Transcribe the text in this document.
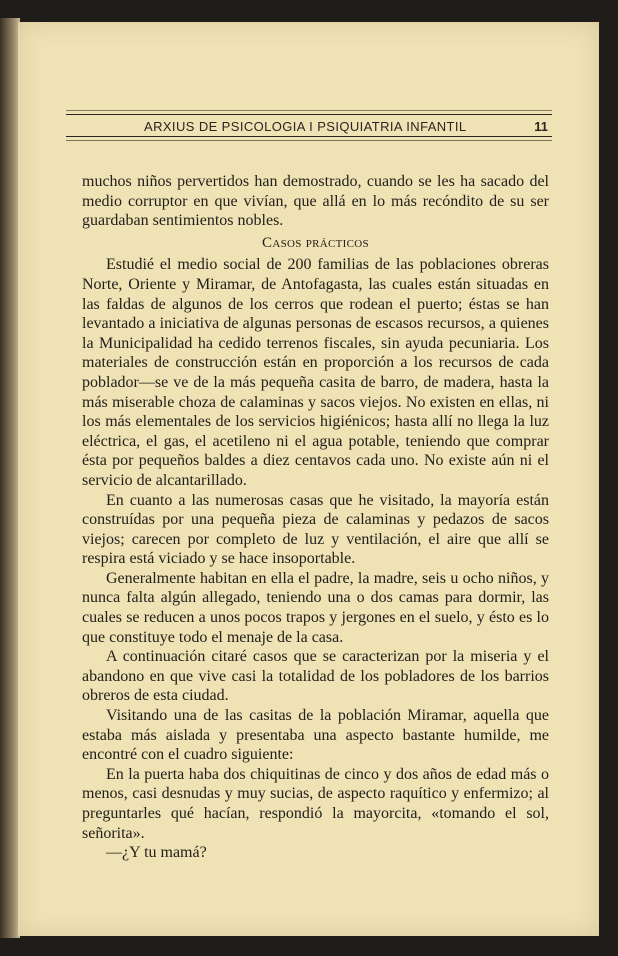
ARXIUS DE PSICOLOGIA I PSIQUIATRIA INFANTIL	11

muchos niños pervertidos han demostrado, cuando se les ha sacado del medio corruptor en que vivían, que allá en lo más recóndito de su ser guardaban sentimientos nobles.

Casos prácticos

Estudié el medio social de 200 familias de las poblaciones obreras Norte, Oriente y Miramar, de Antofagasta, las cuales están situadas en las faldas de algunos de los cerros que rodean el puerto; éstas se han levantado a iniciativa de algunas personas de escasos recursos, a quienes la Municipalidad ha cedido terrenos fiscales, sin ayuda pecuniaria. Los materiales de construcción están en proporción a los recursos de cada poblador—se ve de la más pequeña casita de barro, de madera, hasta la más miserable choza de calaminas y sacos viejos. No existen en ellas, ni los más elementales de los servicios higiénicos; hasta allí no llega la luz eléctrica, el gas, el acetileno ni el agua potable, teniendo que comprar ésta por pequeños baldes a diez centavos cada uno. No existe aún ni el servicio de alcantarillado.

En cuanto a las numerosas casas que he visitado, la mayoría están construídas por una pequeña pieza de calaminas y pedazos de sacos viejos; carecen por completo de luz y ventilación, el aire que allí se respira está viciado y se hace insoportable.

Generalmente habitan en ella el padre, la madre, seis u ocho niños, y nunca falta algún allegado, teniendo una o dos camas para dormir, las cuales se reducen a unos pocos trapos y jergones en el suelo, y ésto es lo que constituye todo el menaje de la casa.

A continuación citaré casos que se caracterizan por la miseria y el abandono en que vive casi la totalidad de los pobladores de los barrios obreros de esta ciudad.

Visitando una de las casitas de la población Miramar, aquella que estaba más aislada y presentaba una aspecto bastante humilde, me encontré con el cuadro siguiente:

En la puerta haba dos chiquitinas de cinco y dos años de edad más o menos, casi desnudas y muy sucias, de aspecto raquítico y enfermizo; al preguntarles qué hacían, respondió la mayorcita, «tomando el sol, señorita».

—¿Y tu mamá?
